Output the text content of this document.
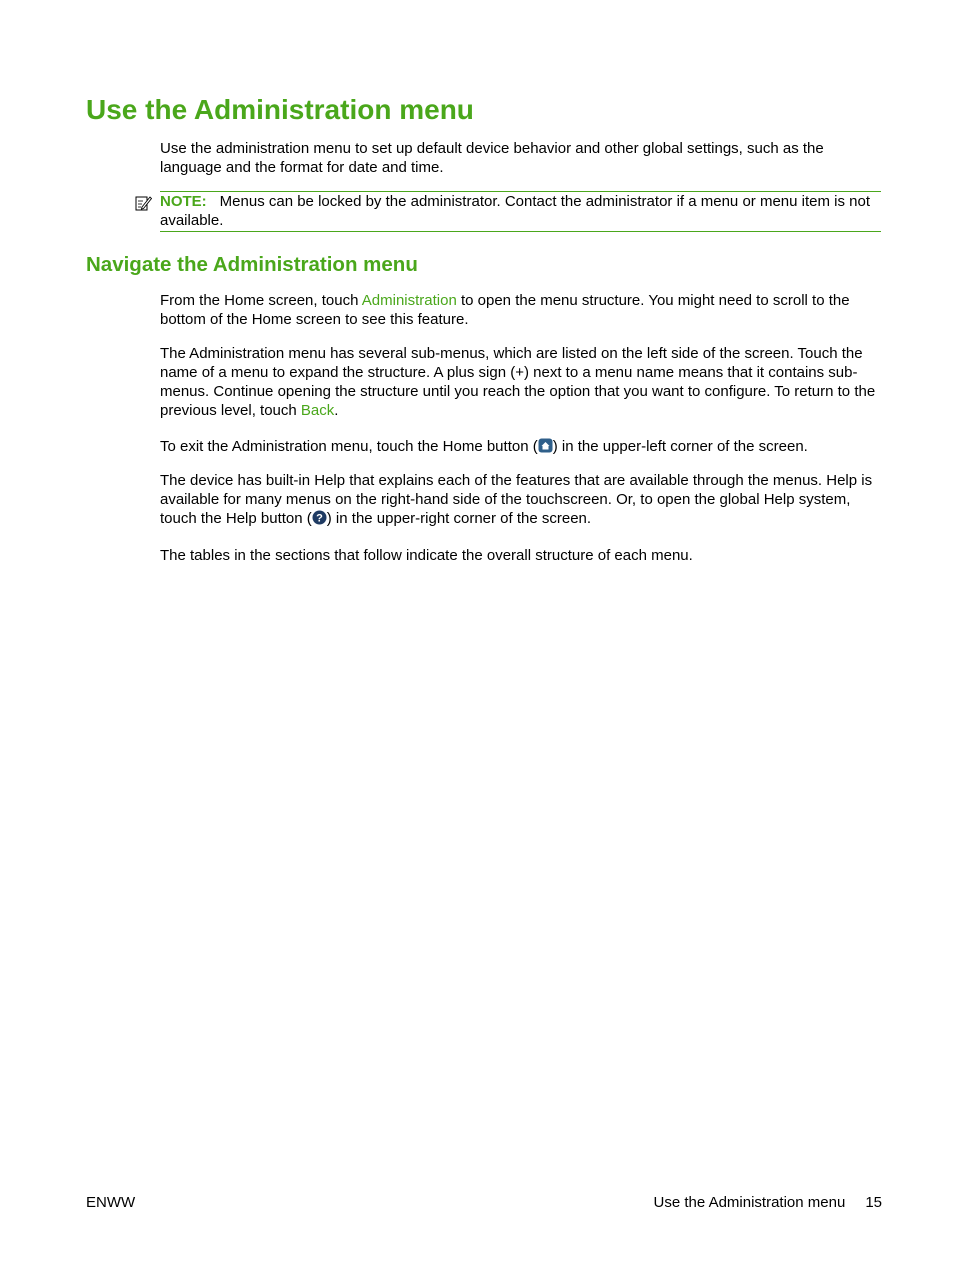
Use the Administration menu

Use the administration menu to set up default device behavior and other global settings, such as the language and the format for date and time.

NOTE: Menus can be locked by the administrator. Contact the administrator if a menu or menu item is not available.
Navigate the Administration menu

From the Home screen, touch Administration to open the menu structure. You might need to scroll to the bottom of the Home screen to see this feature.

The Administration menu has several sub-menus, which are listed on the left side of the screen. Touch the name of a menu to expand the structure. A plus sign (+) next to a menu name means that it contains sub-menus. Continue opening the structure until you reach the option that you want to configure. To return to the previous level, touch Back.

To exit the Administration menu, touch the Home button ( ) in the upper-left corner of the screen.

The device has built-in Help that explains each of the features that are available through the menus. Help is available for many menus on the right-hand side of the touchscreen. Or, to open the global Help system, touch the Help button ( ? ) in the upper-right corner of the screen.

The tables in the sections that follow indicate the overall structure of each menu.

ENWW	Use the Administration menu 15
